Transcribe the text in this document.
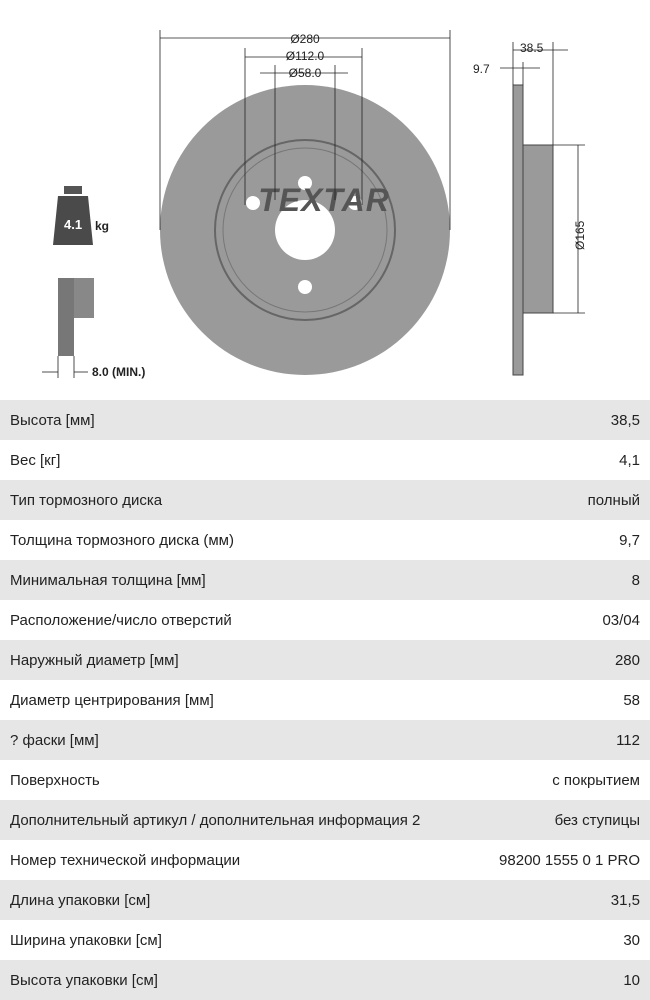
4.1 kg
8.0 (MIN.)
TEXTAR
Ø280
Ø112.0
Ø58.0
38.5
9.7
Ø165
Высота [мм]	38,5
Вес [кг]	4,1
Тип тормозного диска	полный
Толщина тормозного диска (мм)	9,7
Минимальная толщина [мм]	8
Расположение/число отверстий	03/04
Наружный диаметр [мм]	280
Диаметр центрирования [мм]	58
? фаски [мм]	112
Поверхность	с покрытием
Дополнительный артикул / дополнительная информация 2	без ступицы
Номер технической информации	98200 1555 0 1 PRO
Длина упаковки [см]	31,5
Ширина упаковки [см]	30
Высота упаковки [см]	10
